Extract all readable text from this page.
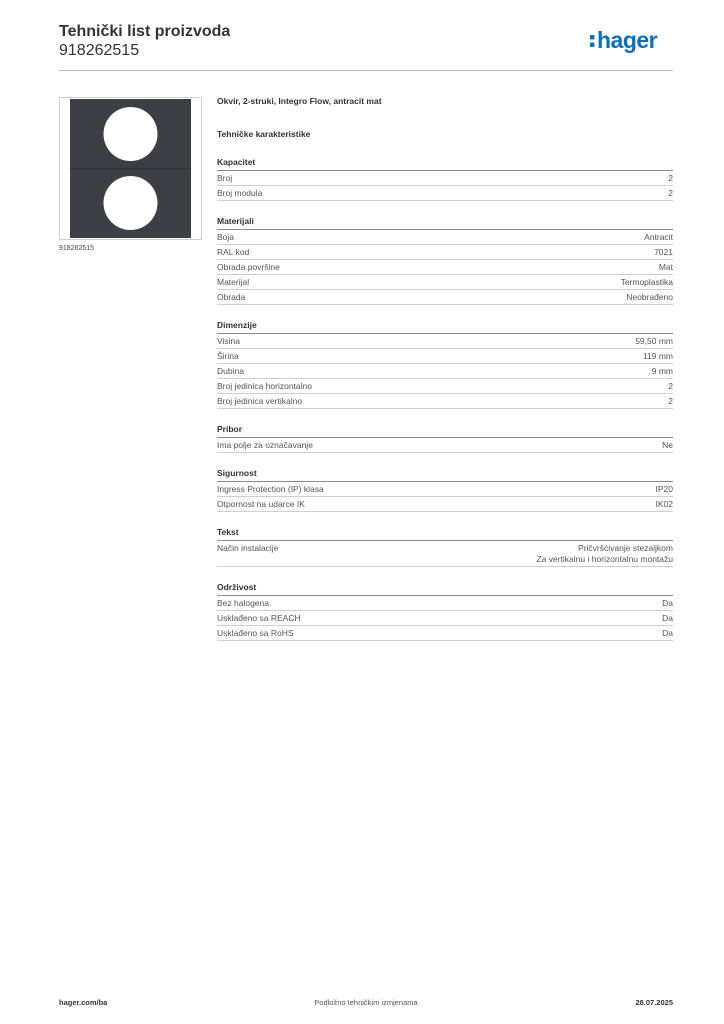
Tehnički list proizvoda
918262515	hager
918262515
Okvir, 2-struki, Integro Flow, antracit mat
Tehničke karakteristike
Kapacitet
Broj	2
Broj modula	2
Materijali
Boja	Antracit
RAL kod	7021
Obrada površine	Mat
Materijal	Termoplastika
Obrada	Neobrađeno
Dimenzije
Visina	59,50 mm
Širina	119 mm
Dubina	9 mm
Broj jedinica horizontalno	2
Broj jedinica vertikalno	2
Pribor
Ima polje za označavanje	Ne
Sigurnost
Ingress Protection (IP) klasa	IP20
Otpornost na udarce IK	IK02
Tekst
Način instalacije	Pričvršćivanje stezaljkom
Za vertikalnu i horizontalnu montažu
Održivost
Bez halogena	Da
Usklađeno sa REACH	Da
Usklađeno sa RoHS	Da
hager.com/ba	Podložno tehničkim izmjenama	28.07.2025
